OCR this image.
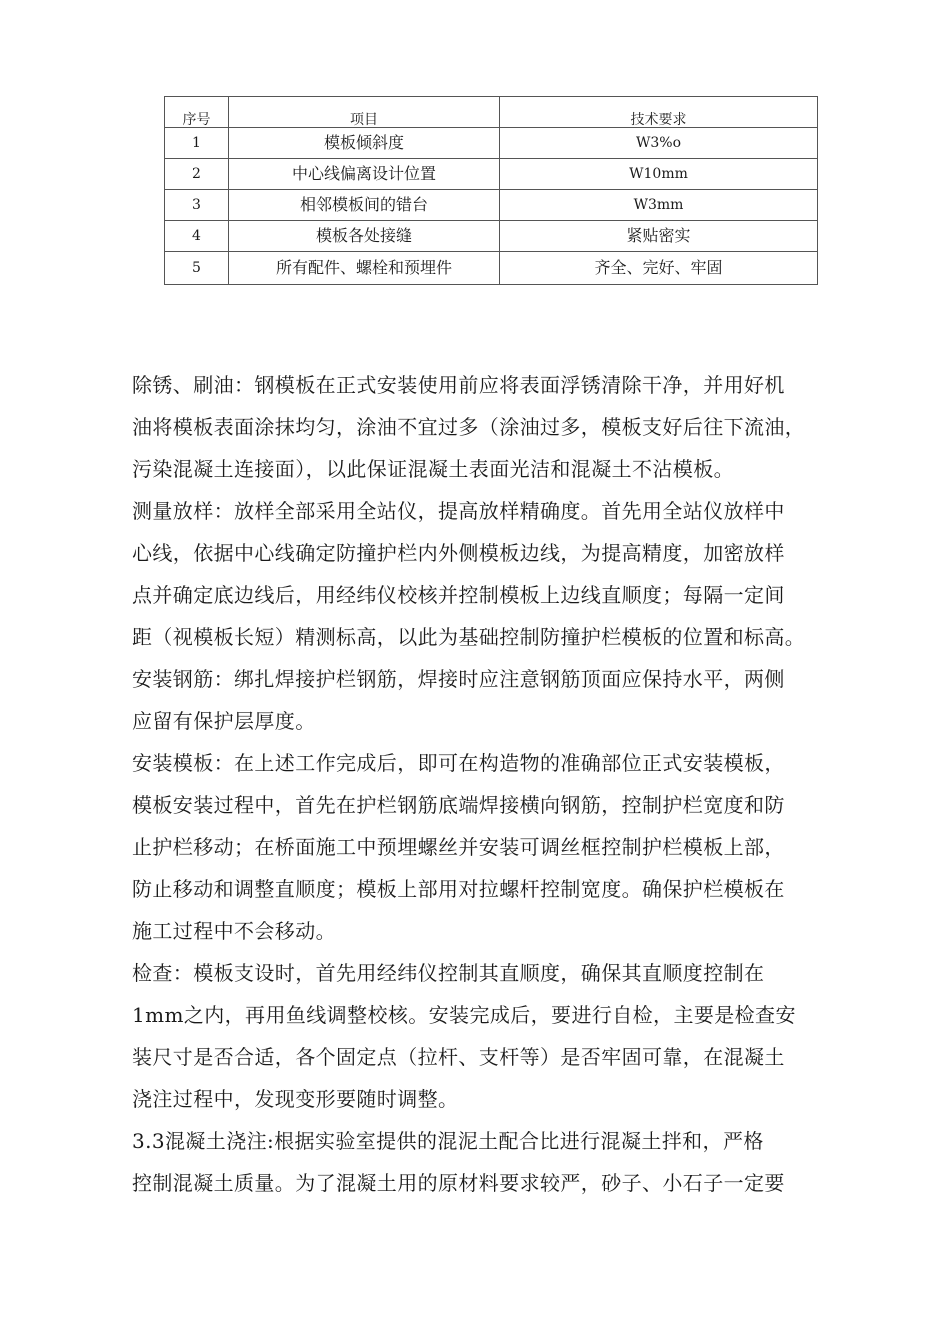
序号	项目	技术要求
1	模板倾斜度	W3%o
2	中心线偏离设计位置	W10mm
3	相邻模板间的错台	W3mm
4	模板各处接缝	紧贴密实
5	所有配件、螺栓和预埋件	齐全、完好、牢固

除锈、刷油：钢模板在正式安装使用前应将表面浮锈清除干净，并用好机
油将模板表面涂抹均匀，涂油不宜过多（涂油过多，模板支好后往下流油，
污染混凝土连接面），以此保证混凝土表面光洁和混凝土不沾模板。

测量放样：放样全部采用全站仪，提高放样精确度。首先用全站仪放样中
心线，依据中心线确定防撞护栏内外侧模板边线，为提高精度，加密放样
点并确定底边线后，用经纬仪校核并控制模板上边线直顺度；每隔一定间
距（视模板长短）精测标高，以此为基础控制防撞护栏模板的位置和标高。

安装钢筋：绑扎焊接护栏钢筋，焊接时应注意钢筋顶面应保持水平，两侧
应留有保护层厚度。

安装模板：在上述工作完成后，即可在构造物的准确部位正式安装模板，
模板安装过程中，首先在护栏钢筋底端焊接横向钢筋，控制护栏宽度和防
止护栏移动；在桥面施工中预埋螺丝并安装可调丝框控制护栏模板上部，
防止移动和调整直顺度；模板上部用对拉螺杆控制宽度。确保护栏模板在
施工过程中不会移动。

检查：模板支设时，首先用经纬仪控制其直顺度，确保其直顺度控制在
1mm之内，再用鱼线调整校核。安装完成后，要进行自检，主要是检查安
装尺寸是否合适，各个固定点（拉杆、支杆等）是否牢固可靠，在混凝土
浇注过程中，发现变形要随时调整。

3.3混凝土浇注:根据实验室提供的混泥土配合比进行混凝土拌和，严格
控制混凝土质量。为了混凝土用的原材料要求较严，砂子、小石子一定要
